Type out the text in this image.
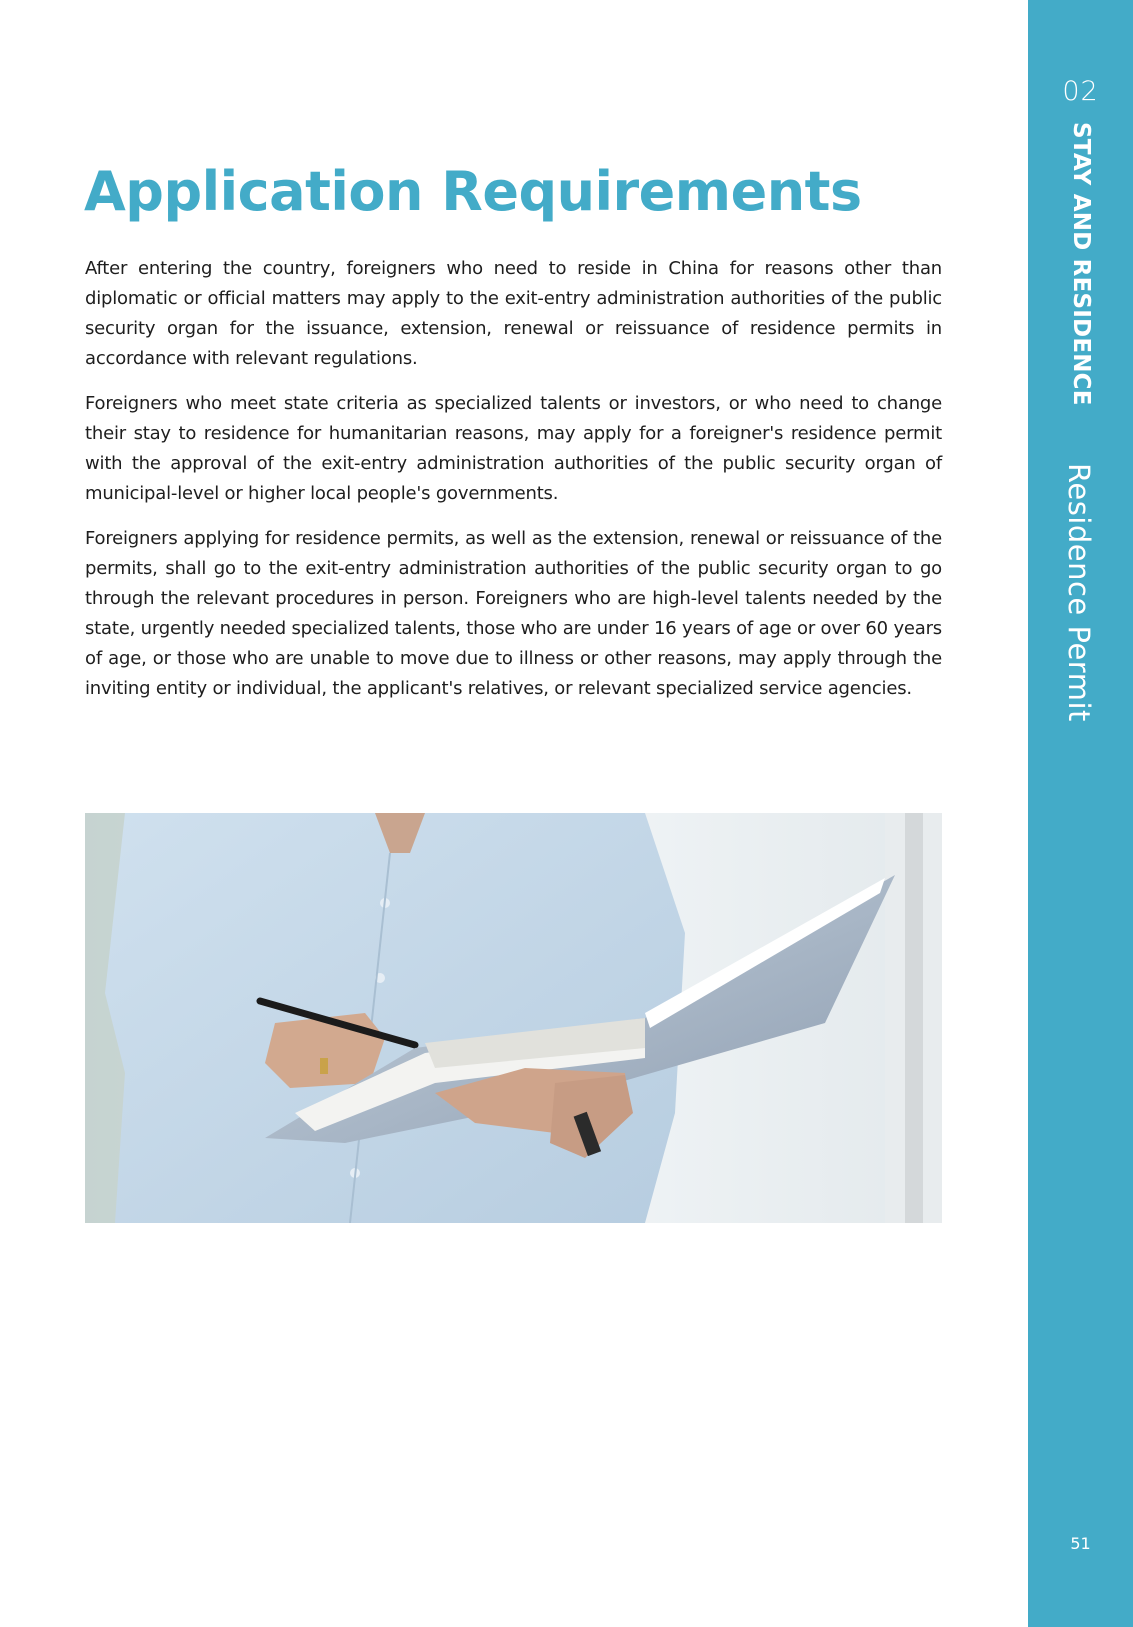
Application Requirements

After entering the country, foreigners who need to reside in China for reasons other than diplomatic or official matters may apply to the exit-entry administration authorities of the public security organ for the issuance, extension, renewal or reissuance of residence permits in accordance with relevant regulations.

Foreigners who meet state criteria as specialized talents or investors, or who need to change their stay to residence for humanitarian reasons, may apply for a foreigner's residence permit with the approval of the exit-entry administration authorities of the public security organ of municipal-level or higher local people's governments.

Foreigners applying for residence permits, as well as the extension, renewal or reissuance of the permits, shall go to the exit-entry administration authorities of the public security organ to go through the relevant procedures in person. Foreigners who are high-level talents needed by the state, urgently needed specialized talents, those who are under 16 years of age or over 60 years of age, or those who are unable to move due to illness or other reasons, may apply through the inviting entity or individual, the applicant's relatives, or relevant specialized service agencies.

02
STAY AND RESIDENCE
Residence Permit
51
